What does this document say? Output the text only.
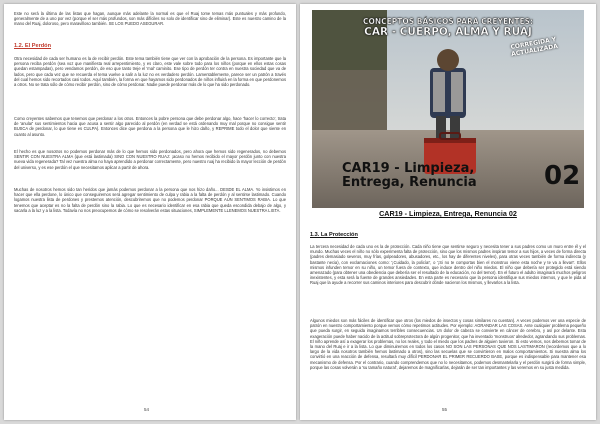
Este no será la última de las listas que hagan, aunque más adelante la normal es que el Ruaj tome temas más puntuales y más profundo, generalmente de a uno por vez (porque el ser más profundos, son más difíciles no solo de identificar sino de eliminar). Este es nuestro camino de la mano del Ruaj, doloroso, pero maravilloso también. SE LOS PUEDO ASEGURAR.
1.2. El Perdón
Otra necesidad de cada ser humano es la de recibir perdón. Este tema también tiene que ver con la aprobación de la persona. Es importante que la persona reciba perdón (sea voz que manifiesta real arrepentimiento, y es claro, este vale sobre todo para los niños (porque en ellos estas cosas quedan estampadas), pero vendamos perdón, de eso que tanto treje el 'mal' caminito. Ese tipo de perdón ter contra en nuestra sociedad que va de lados, pero que cada vez que se recuerda el tema vuelve a salir a la luz no es verdadero perdón. Lamentablemente, parece ser un patrón a través del cual hemos sido recortados casi todos. Aquí también, la forma en que hayamos sido perdonados de niños influirá en la forma en que perdonemos a otros. No se trata sólo de cómo recibir perdón, sino de cómo perdonar. Nadie puede perdonar más de lo que ha sido perdonado.
Como creyentes sabemos que tenemos que perdonar a los otros. Entonces la pobre persona que debe perdonar algo, hace 'hacer lo correcto', trata de 'anular' sus sentimientos hacia que acusa a sentir algo parecido al perdón (en verdad se está ordenando muy mal porque no consigue sentir BUSCA de perdonar, lo que tiene es CULPA). Entonces dice que perdona a la persona que le hizo daño, y REPRIME todo el dolor que siente en cuanto al asunto.
El hecho es que nosotros no podemos perdonar más de lo que hemos sido perdonados, pero ahora que hemos sido regenerados, no debemos SENTIR CON NUESTRA ALMA (que está lastimada) SINO CON NUESTRO RUAJ: ¡acaso no hemos recibido el mayor perdón junto con nuestra nueva vida regenerada? Tal vez nuestra alma no haya aprendido a perdonar correctamente, pero nuestro ruaj ha recibido la mayor lección de perdón del universo, y es ese perdón el que necesitamos aplicar a partir de ahora.
Muchas de nosotros hemos sido tan heridos que jamás podemos perdonar a la persona que nos hizo daño... DESDE EL ALMA. Yo insistimos en hacer que ella perdone, lo único que conseguiremos será agregar sentimiento de culpa y rabia a la falta de perdón y al sentirse lastimado. Cuando logamos nuestra lista de perdones y prestemos atención, descubriremos que no podemos perdonar PORQUE AÚN SENTIMOS RABIA. Lo que tenemos que aceptar es no la falta de perdón sino la rabia. Lo que es necesario identificar en esa rabia que queda escondida debajo de algo, y sacarla a la luz y a la lista. Todavía no nos preocupemos de cómo se resolverán estas situaciones, SIMPLEMENTE LLENEMOS NUESTRA LISTA.
54
CONCEPTOS BÁSICOS PARA CREYENTES:
CAR - CUERPO, ALMA Y RUAJ
CORREGIDA Y ACTUALIZADA
CAR19 - Limpieza,
Entrega, Renuncia	02
CAR19 - Limpieza, Entrega, Renuncia 02
1.3. La Protección
La tercera necesidad de cada uno es la de protección. Cada niño tiene que sentirse seguro y necesita tener a sus padres como un muro entre él y el mundo. Muchas veces el niño no sólo experimenta falta de protección, sino que los mismos padres inspiran temor a sus hijos, a veces de forma directa (padres demasiado severos, muy frías, golpeadores, abusadores, etc., los hay de diferentes niveles), para otras veces también de forma indirecta (y bastante necia), con exclamaciones como: '¡Cuidado, la policía!', o '¡Si no te comportas bien el monstruo viene esta noche y te va a llevar!'. Ellos mismos infunden temor en su niño, un temor fuera de contexto, que induce dentro del niño miedos. El niño que debería ser protegido está siendo amenazado (para obtener una obediencia que debería ser el resultado de la educación, no del temor). En el futuro el adulto imaginará muchos peligros inexistentes, y esta será la fuente de grandes ansiedades. En esta parte es necesario que la persona identifique sus miedos internos, y que le pida al Ruaj que la ayude a recorrer sus caminos interiores para descubrir dónde nacieron los mismos, y llevarlos a la lista.
Algunos miedos son más fáciles de identificar que otros (los miedos de insectos y cosas similares no cuentan). A veces podemos ver una especie de patrón en nuestro comportamiento porque vemos cómo repetimos actitudes. Por ejemplo: AGRANDAR LAS COSAS. Ante cualquier problema pequeño que pueda surgir, en seguida imaginamos terribles consecuencias. Un dolor de cabeza se convierte en cáncer de cerebro, y así por delante. Esta exageración puede haber nacido de la actitud sobreprotectora de algún progenitor, que ha inventado 'monstruos' alrededor, agrandando sus problemas. El niño aprende así a exagerar los problemas, no los reales, y todo el miedo que los padres de alguien tuvieron. Si esto vemos, nos debemos tomar de la mano del Ruaj e ir a la lista. Lo que diminuiremos en todos los casos NO SON LAS PERSONAS QUE NOS LASTIMARON (recordemos que a lo largo de la vida nosotros también hemos lastimado a otros), sino las secuelas que se convirtieron en malos comportamientos. Si nuestra alma los convirtió en una reacción de defensa, resultará muy difícil PERDONAR EL PRIMER RECUERDO BASE, porque es indispensable para mantener esa mecanismo de defensa. Por el contrario, cuando comprendemos que no lo necesitamos, podemos desmantelarla y el perdón surgirá de forma simple, porque las cosas volverán a 'su tamaño natural', dejaremos de magnificarlas, dejarán de ser tan importantes y las veremos en su justa medida.
55
